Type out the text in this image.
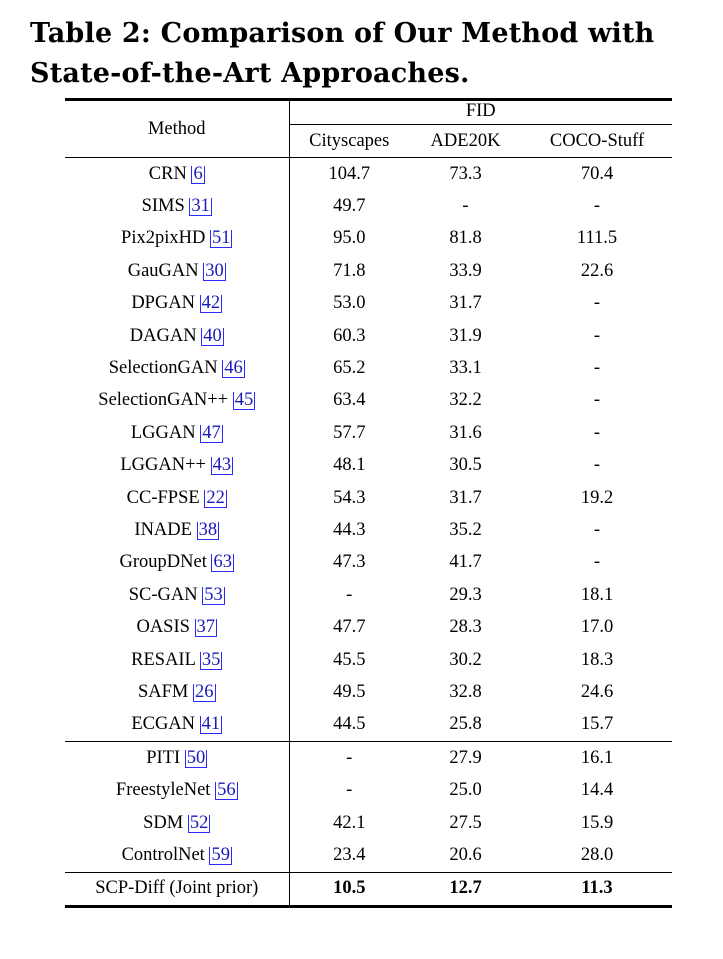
Table 2: Comparison of Our Method with
State-of-the-Art Approaches.
Method	FID		
	Cityscapes	ADE20K	COCO-Stuff
CRN 6	104.7	73.3	70.4
SIMS 31	49.7	-	-
Pix2pixHD 51	95.0	81.8	111.5
GauGAN 30	71.8	33.9	22.6
DPGAN 42	53.0	31.7	-
DAGAN 40	60.3	31.9	-
SelectionGAN 46	65.2	33.1	-
SelectionGAN++ 45	63.4	32.2	-
LGGAN 47	57.7	31.6	-
LGGAN++ 43	48.1	30.5	-
CC-FPSE 22	54.3	31.7	19.2
INADE 38	44.3	35.2	-
GroupDNet 63	47.3	41.7	-
SC-GAN 53	-	29.3	18.1
OASIS 37	47.7	28.3	17.0
RESAIL 35	45.5	30.2	18.3
SAFM 26	49.5	32.8	24.6
ECGAN 41	44.5	25.8	15.7
PITI 50	-	27.9	16.1
FreestyleNet 56	-	25.0	14.4
SDM 52	42.1	27.5	15.9
ControlNet 59	23.4	20.6	28.0
SCP-Diff (Joint prior)	10.5	12.7	11.3
